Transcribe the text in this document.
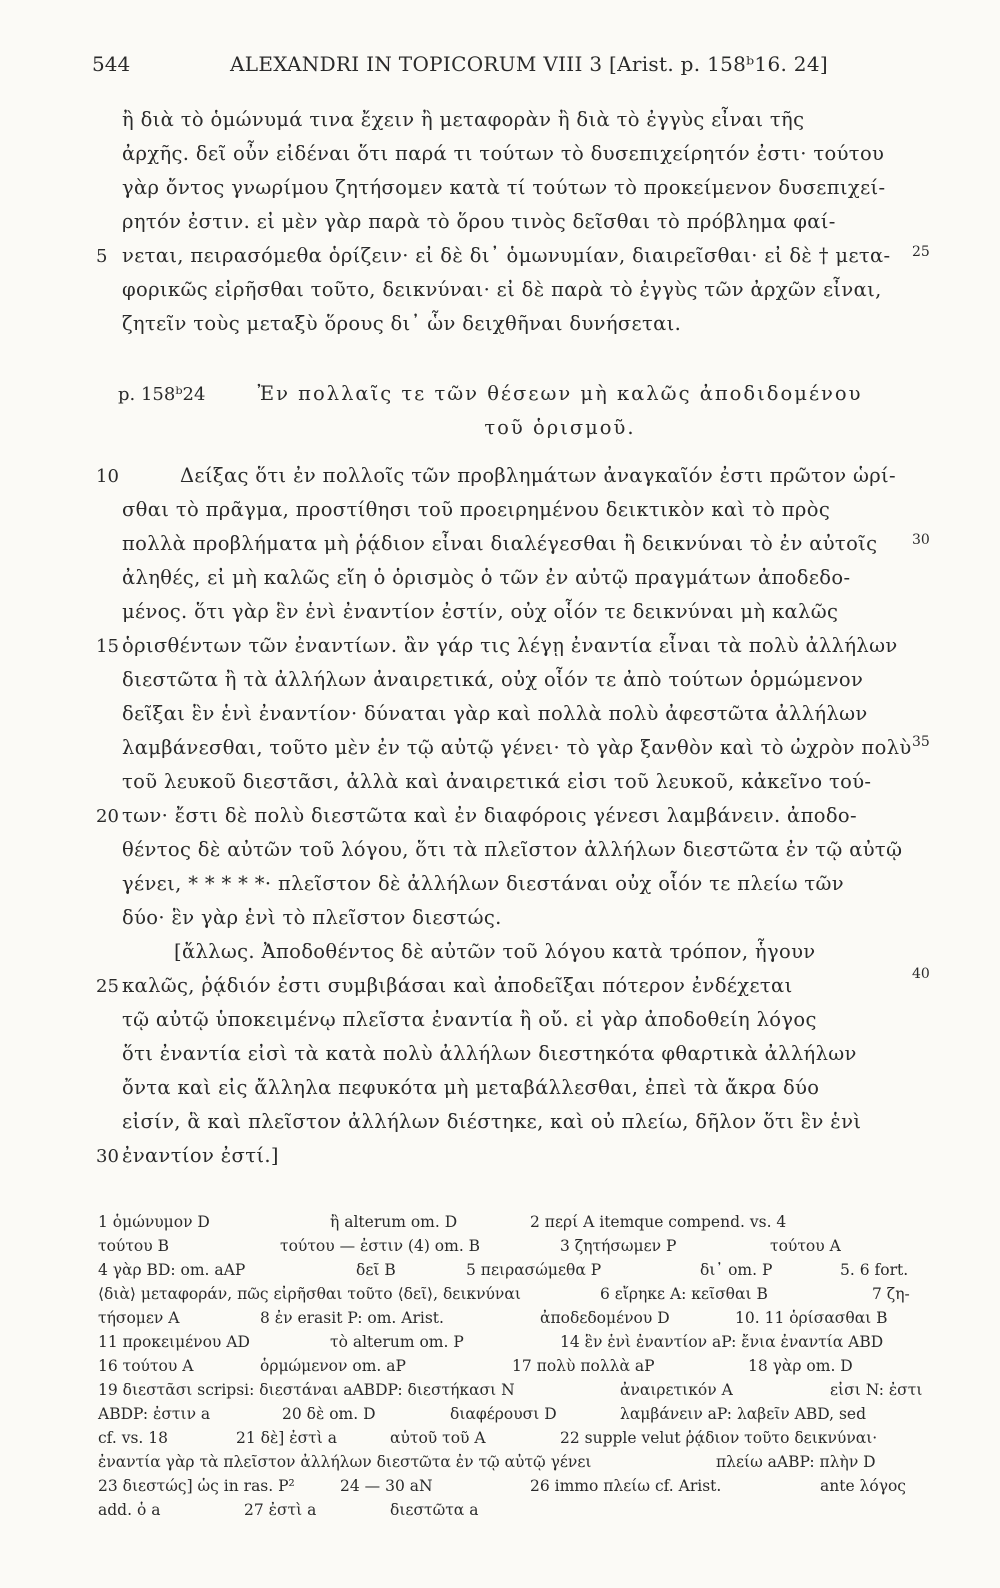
544	ALEXANDRI IN TOPICORUM VIII 3 [Arist. p. 158ᵇ16. 24]
ἢ διὰ τὸ ὁμώνυμά τινα ἔχειν ἢ μεταφορὰν ἢ διὰ τὸ ἐγγὺς εἶναι τῆς
ἀρχῆς. δεῖ οὖν εἰδέναι ὅτι παρά τι τούτων τὸ δυσεπιχείρητόν ἐστι· τούτου
γὰρ ὄντος γνωρίμου ζητήσομεν κατὰ τί τούτων τὸ προκείμενον δυσεπιχεί-
ρητόν ἐστιν. εἰ μὲν γὰρ παρὰ τὸ ὅρου τινὸς δεῖσθαι τὸ πρόβλημα φαί-
νεται, πειρασόμεθα ὁρίζειν· εἰ δὲ δι᾽ ὁμωνυμίαν, διαιρεῖσθαι· εἰ δὲ † μετα-
φορικῶς εἰρῆσθαι τοῦτο, δεικνύναι· εἰ δὲ παρὰ τὸ ἐγγὺς τῶν ἀρχῶν εἶναι,
ζητεῖν τοὺς μεταξὺ ὅρους δι᾽ ὧν δειχθῆναι δυνήσεται.
p. 158ᵇ24	Ἐν πολλαῖς τε τῶν θέσεων μὴ καλῶς ἀποδιδομένου
τοῦ ὁρισμοῦ.
Δείξας ὅτι ἐν πολλοῖς τῶν προβλημάτων ἀναγκαῖόν ἐστι πρῶτον ὡρί-
σθαι τὸ πρᾶγμα, προστίθησι τοῦ προειρημένου δεικτικὸν καὶ τὸ πρὸς
πολλὰ προβλήματα μὴ ῥᾴδιον εἶναι διαλέγεσθαι ἢ δεικνύναι τὸ ἐν αὐτοῖς
ἀληθές, εἰ μὴ καλῶς εἴη ὁ ὁρισμὸς ὁ τῶν ἐν αὐτῷ πραγμάτων ἀποδεδο-
μένος. ὅτι γὰρ ἓν ἑνὶ ἐναντίον ἐστίν, οὐχ οἷόν τε δεικνύναι μὴ καλῶς
ὁρισθέντων τῶν ἐναντίων. ἂν γάρ τις λέγῃ ἐναντία εἶναι τὰ πολὺ ἀλλήλων
διεστῶτα ἢ τὰ ἀλλήλων ἀναιρετικά, οὐχ οἷόν τε ἀπὸ τούτων ὁρμώμενον
δεῖξαι ἓν ἑνὶ ἐναντίον· δύναται γὰρ καὶ πολλὰ πολὺ ἀφεστῶτα ἀλλήλων
λαμβάνεσθαι, τοῦτο μὲν ἐν τῷ αὐτῷ γένει· τὸ γὰρ ξανθὸν καὶ τὸ ὠχρὸν πολὺ
τοῦ λευκοῦ διεστᾶσι, ἀλλὰ καὶ ἀναιρετικά εἰσι τοῦ λευκοῦ, κἀκεῖνο τού-
των· ἔστι δὲ πολὺ διεστῶτα καὶ ἐν διαφόροις γένεσι λαμβάνειν. ἀποδο-
θέντος δὲ αὐτῶν τοῦ λόγου, ὅτι τὰ πλεῖστον ἀλλήλων διεστῶτα ἐν τῷ αὐτῷ
γένει, * * * * *· πλεῖστον δὲ ἀλλήλων διεστάναι οὐχ οἷόν τε πλείω τῶν
δύο· ἓν γὰρ ἑνὶ τὸ πλεῖστον διεστώς.
[ἄλλως. Ἀποδοθέντος δὲ αὐτῶν τοῦ λόγου κατὰ τρόπον, ἧγουν
καλῶς, ῥᾴδιόν ἐστι συμβιβάσαι καὶ ἀποδεῖξαι πότερον ἐνδέχεται
τῷ αὐτῷ ὑποκειμένῳ πλεῖστα ἐναντία ἢ οὔ. εἰ γὰρ ἀποδοθείη λόγος
ὅτι ἐναντία εἰσὶ τὰ κατὰ πολὺ ἀλλήλων διεστηκότα φθαρτικὰ ἀλλήλων
ὄντα καὶ εἰς ἄλληλα πεφυκότα μὴ μεταβάλλεσθαι, ἐπεὶ τὰ ἄκρα δύο
εἰσίν, ἃ καὶ πλεῖστον ἀλλήλων διέστηκε, καὶ οὐ πλείω, δῆλον ὅτι ἓν ἑνὶ
ἐναντίον ἐστί.]
5
10
15
20
25
30
25
30
35
40
1 ὁμώνυμον D	ἢ alterum om. D	2 περί A itemque compend. vs. 4
τούτου B	τούτου — ἐστιν (4) om. B	3 ζητήσωμεν P	τούτου A
4 γὰρ BD: om. aAP	δεῖ B	5 πειρασώμεθα P	δι᾽ om. P	5. 6 fort.
⟨διὰ⟩ μεταφοράν, πῶς εἰρῆσθαι τοῦτο ⟨δεῖ⟩, δεικνύναι	6 εἴρηκε A: κεῖσθαι B	7 ζη-
τήσομεν A	8 ἐν erasit P: om. Arist.	ἀποδεδομένου D	10. 11 ὁρίσασθαι B
11 προκειμένου AD	τὸ alterum om. P	14 ἓν ἑνὶ ἐναντίον aP: ἔνια ἐναντία ABD
16 τούτου A	ὁρμώμενον om. aP	17 πολὺ πολλὰ aP	18 γὰρ om. D
19 διεστᾶσι scripsi: διεστάναι aABDP: διεστήκασι N	ἀναιρετικόν A	εἰσι N: ἐστι
ABDP: ἐστιν a	20 δὲ om. D	διαφέρουσι D	λαμβάνειν aP: λαβεῖν ABD, sed
cf. vs. 18	21 δὲ] ἐστὶ a	αὐτοῦ τοῦ A	22 supple velut ῥᾴδιον τοῦτο δεικνύναι·
ἐναντία γὰρ τὰ πλεῖστον ἀλλήλων διεστῶτα ἐν τῷ αὐτῷ γένει	πλείω aABP: πλὴν D
23 διεστώς] ὡς in ras. P²	24 — 30 aN	26 immo πλείω cf. Arist.	ante λόγος
add. ὁ a	27 ἐστὶ a	διεστῶτα a
